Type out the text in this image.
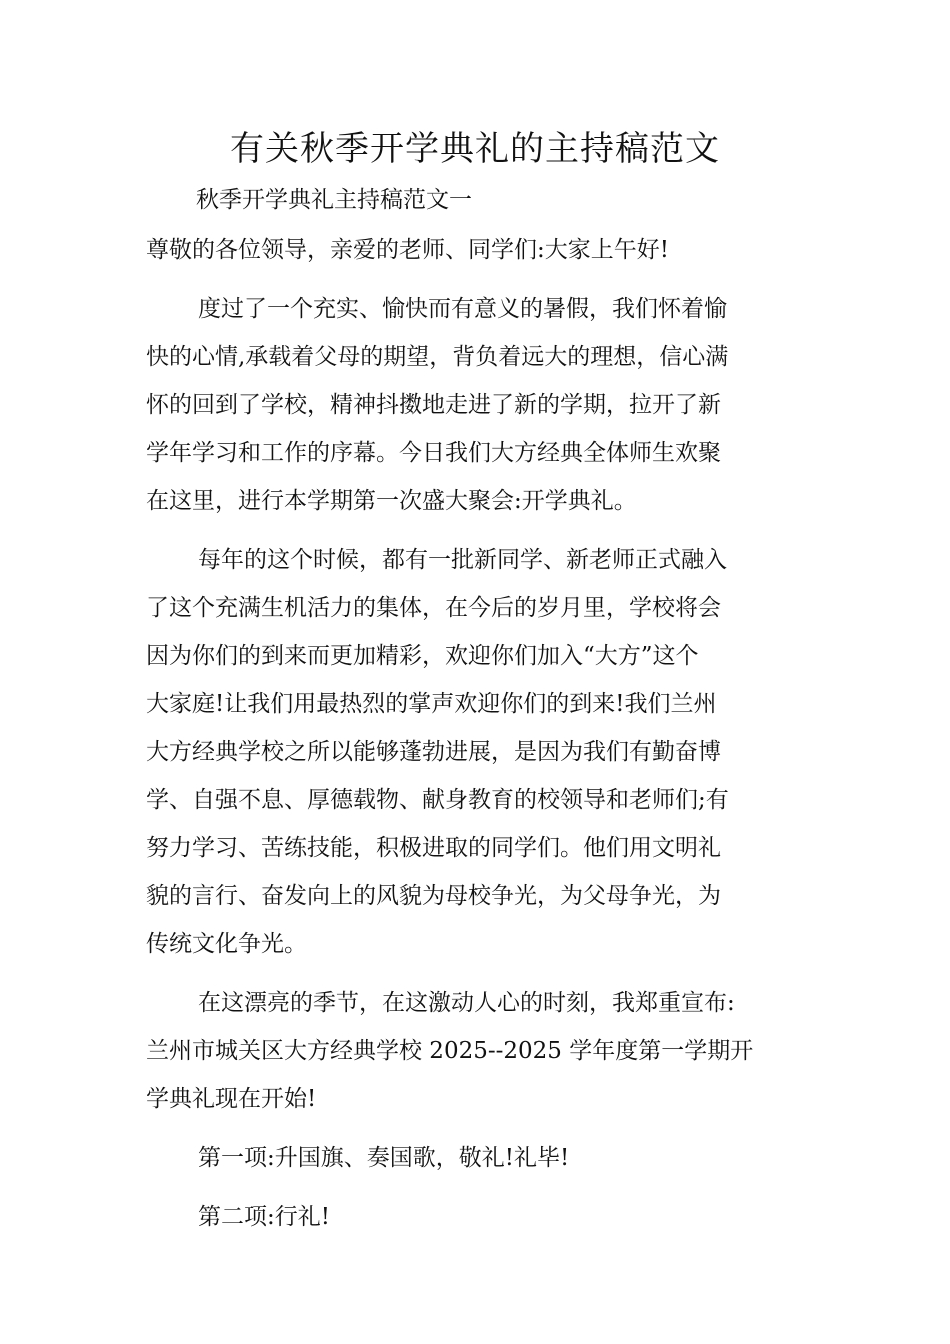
有关秋季开学典礼的主持稿范文

秋季开学典礼主持稿范文一

尊敬的各位领导，亲爱的老师、同学们:大家上午好!

度过了一个充实、愉快而有意义的暑假，我们怀着愉

快的心情,承载着父母的期望，背负着远大的理想，信心满

怀的回到了学校，精神抖擞地走进了新的学期，拉开了新

学年学习和工作的序幕。今日我们大方经典全体师生欢聚

在这里，进行本学期第一次盛大聚会:开学典礼。

每年的这个时候，都有一批新同学、新老师正式融入

了这个充满生机活力的集体，在今后的岁月里，学校将会

因为你们的到来而更加精彩，欢迎你们加入“大方”这个

大家庭!让我们用最热烈的掌声欢迎你们的到来!我们兰州

大方经典学校之所以能够蓬勃进展，是因为我们有勤奋博

学、自强不息、厚德载物、献身教育的校领导和老师们;有

努力学习、苦练技能，积极进取的同学们。他们用文明礼

貌的言行、奋发向上的风貌为母校争光，为父母争光，为

传统文化争光。

在这漂亮的季节，在这激动人心的时刻，我郑重宣布:

兰州市城关区大方经典学校 2025--2025 学年度第一学期开

学典礼现在开始!

第一项:升国旗、奏国歌，敬礼!礼毕!

第二项:行礼!
